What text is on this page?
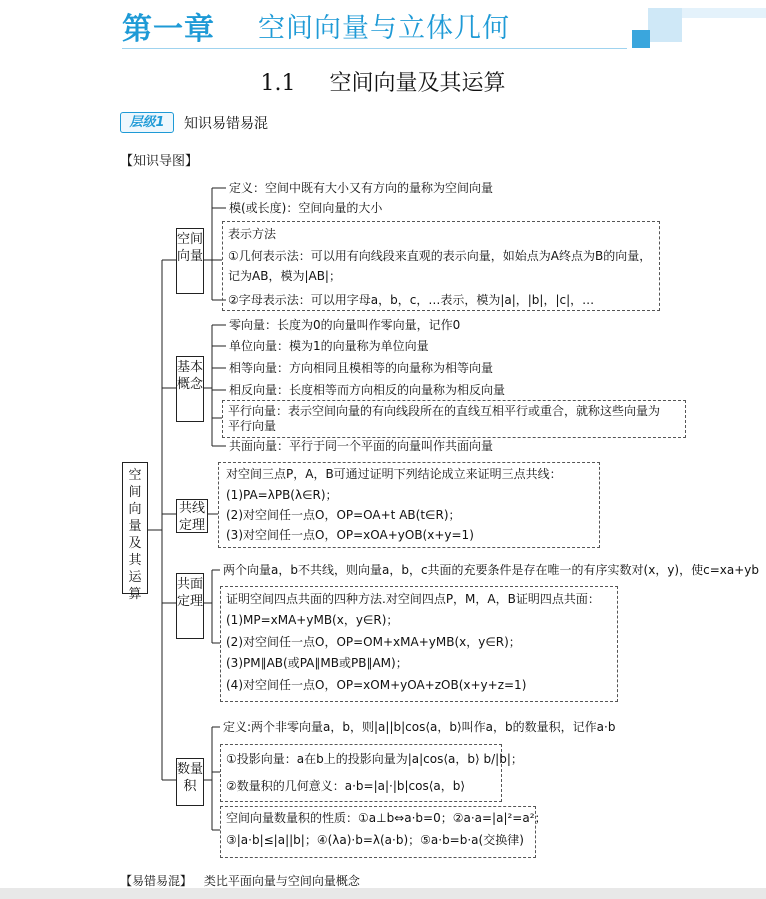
第一章 空间向量与立体几何
1.1 空间向量及其运算
层级1	知识易错易混
【知识导图】
空间向量及其运算
空间向量
基本概念
共线定理
共面定理
数量积
定义：空间中既有大小又有方向的量称为空间向量
模(或长度)：空间向量的大小
表示方法
①几何表示法：可以用有向线段来直观的表示向量，如始点为A终点为B的向量，
记为AB，模为|AB|；
②字母表示法：可以用字母a，b，c，…表示，模为|a|，|b|，|c|，…
零向量：长度为0的向量叫作零向量，记作0
单位向量：模为1的向量称为单位向量
相等向量：方向相同且模相等的向量称为相等向量
相反向量：长度相等而方向相反的向量称为相反向量
平行向量：表示空间向量的有向线段所在的直线互相平行或重合，就称这些向量为
平行向量
共面向量：平行于同一个平面的向量叫作共面向量
对空间三点P，A，B可通过证明下列结论成立来证明三点共线：
(1)PA=λPB(λ∈R)；
(2)对空间任一点O，OP=OA+t AB(t∈R)；
(3)对空间任一点O，OP=xOA+yOB(x+y=1)
两个向量a，b不共线，则向量a，b，c共面的充要条件是存在唯一的有序实数对(x，y)，使c=xa+yb
证明空间四点共面的四种方法.对空间四点P，M，A，B证明四点共面：
(1)MP=xMA+yMB(x，y∈R)；
(2)对空间任一点O，OP=OM+xMA+yMB(x，y∈R)；
(3)PM∥AB(或PA∥MB或PB∥AM)；
(4)对空间任一点O，OP=xOM+yOA+zOB(x+y+z=1)
定义:两个非零向量a，b，则|a||b|cos⟨a，b⟩叫作a，b的数量积，记作a·b
①投影向量：a在b上的投影向量为|a|cos⟨a，b⟩ b/|b|；
②数量积的几何意义：a·b=|a|·|b|cos⟨a，b⟩
空间向量数量积的性质：①a⊥b⇔a·b=0；②a·a=|a|²=a²；
③|a·b|≤|a||b|；④(λa)·b=λ(a·b)；⑤a·b=b·a(交换律)
【易错易混】 类比平面向量与空间向量概念
